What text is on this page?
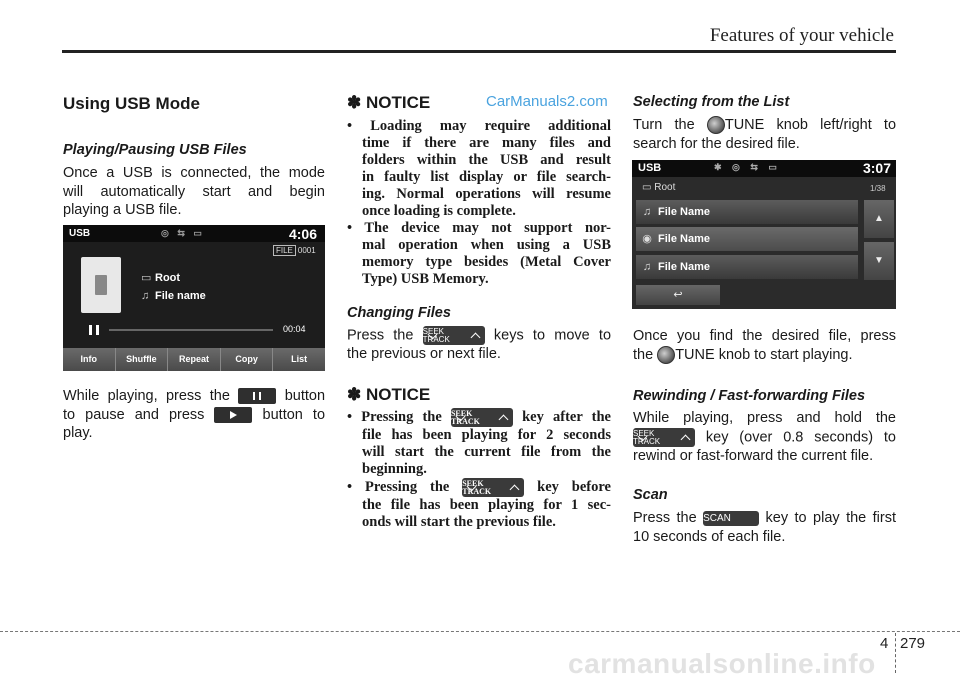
Features of your vehicle
Using USB Mode
Playing/Pausing USB Files
Once a USB is connected, the mode
will automatically start and begin
playing a USB file.
USB	◎ ⇆ ▭	4:06
FILE 0001
▭ Root
♫ File name
00:04
Info	Shuffle	Repeat	Copy	List
While playing, press the	button
to pause and press	button to
play.
✽ NOTICE	CarManuals2.com
• Loading may require additional
time if there are many files and
folders within the USB and result
in faulty list display or file search-
ing. Normal operations will resume
once loading is complete.
• The device may not support nor-
mal operation when using a USB
memory type besides (Metal Cover
Type) USB Memory.
Changing Files
Press the SEEK
TRACK	keys to move to
the previous or next file.
✽ NOTICE
• Pressing the SEEK
TRACK	key after the
file has been playing for 2 seconds
will start the current file from the
beginning.
• Pressing the SEEK
TRACK	key before
the file has been playing for 1 sec-
onds will start the previous file.
Selecting from the List
Turn the TUNE knob left/right to
search for the desired file.
USB	✱ ◎ ⇆ ▭	3:07
▭ Root	1/38
♫ File Name
◉ File Name
♫ File Name
▲
▼
↩
Once you find the desired file, press
the TUNE knob to start playing.
Rewinding / Fast-forwarding Files
While playing, press and hold the
SEEK
TRACK	key (over 0.8 seconds) to
rewind or fast-forward the current file.
Scan
Press the SCAN key to play the first
10 seconds of each file.
4 279
carmanualsonline.info
